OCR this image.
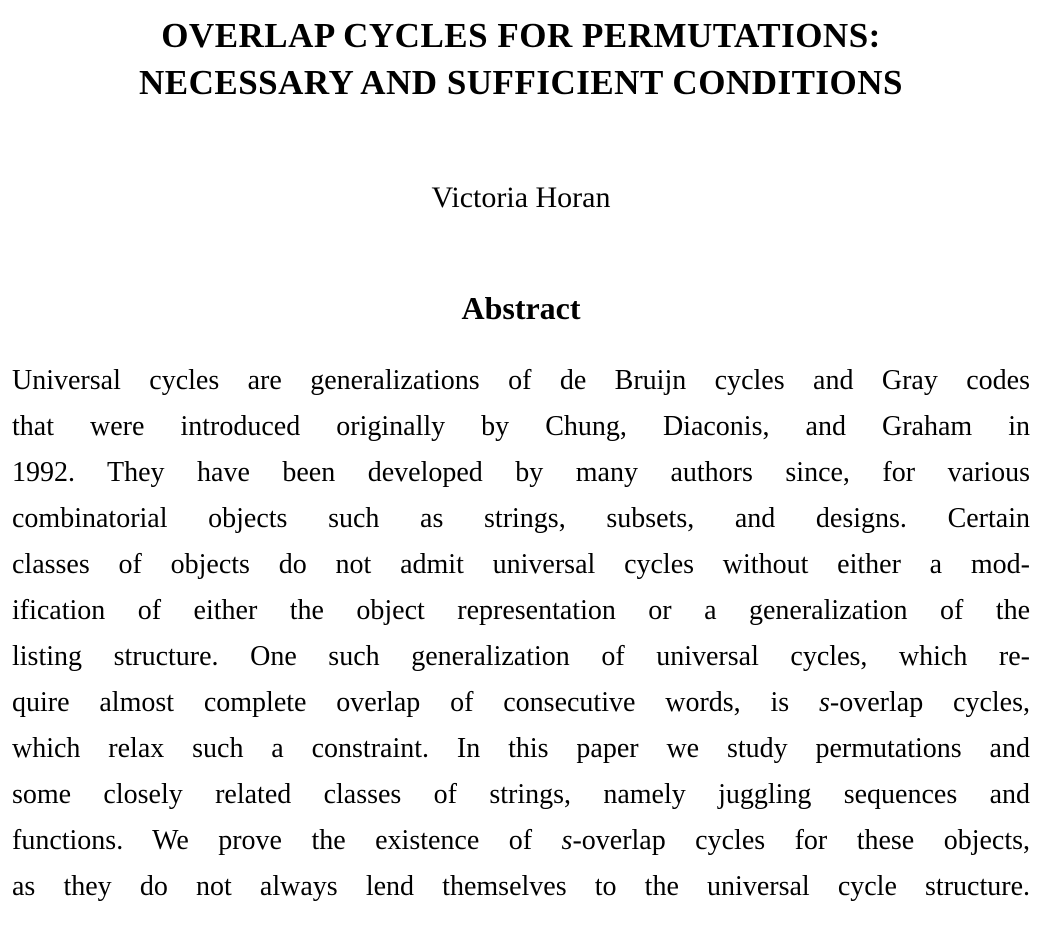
OVERLAP CYCLES FOR PERMUTATIONS:
NECESSARY AND SUFFICIENT CONDITIONS
Victoria Horan
Abstract
Universal cycles are generalizations of de Bruijn cycles and Gray codes
that were introduced originally by Chung, Diaconis, and Graham in
1992. They have been developed by many authors since, for various
combinatorial objects such as strings, subsets, and designs. Certain
classes of objects do not admit universal cycles without either a mod-
ification of either the object representation or a generalization of the
listing structure. One such generalization of universal cycles, which re-
quire almost complete overlap of consecutive words, is s-overlap cycles,
which relax such a constraint. In this paper we study permutations and
some closely related classes of strings, namely juggling sequences and
functions. We prove the existence of s-overlap cycles for these objects,
as they do not always lend themselves to the universal cycle structure.
